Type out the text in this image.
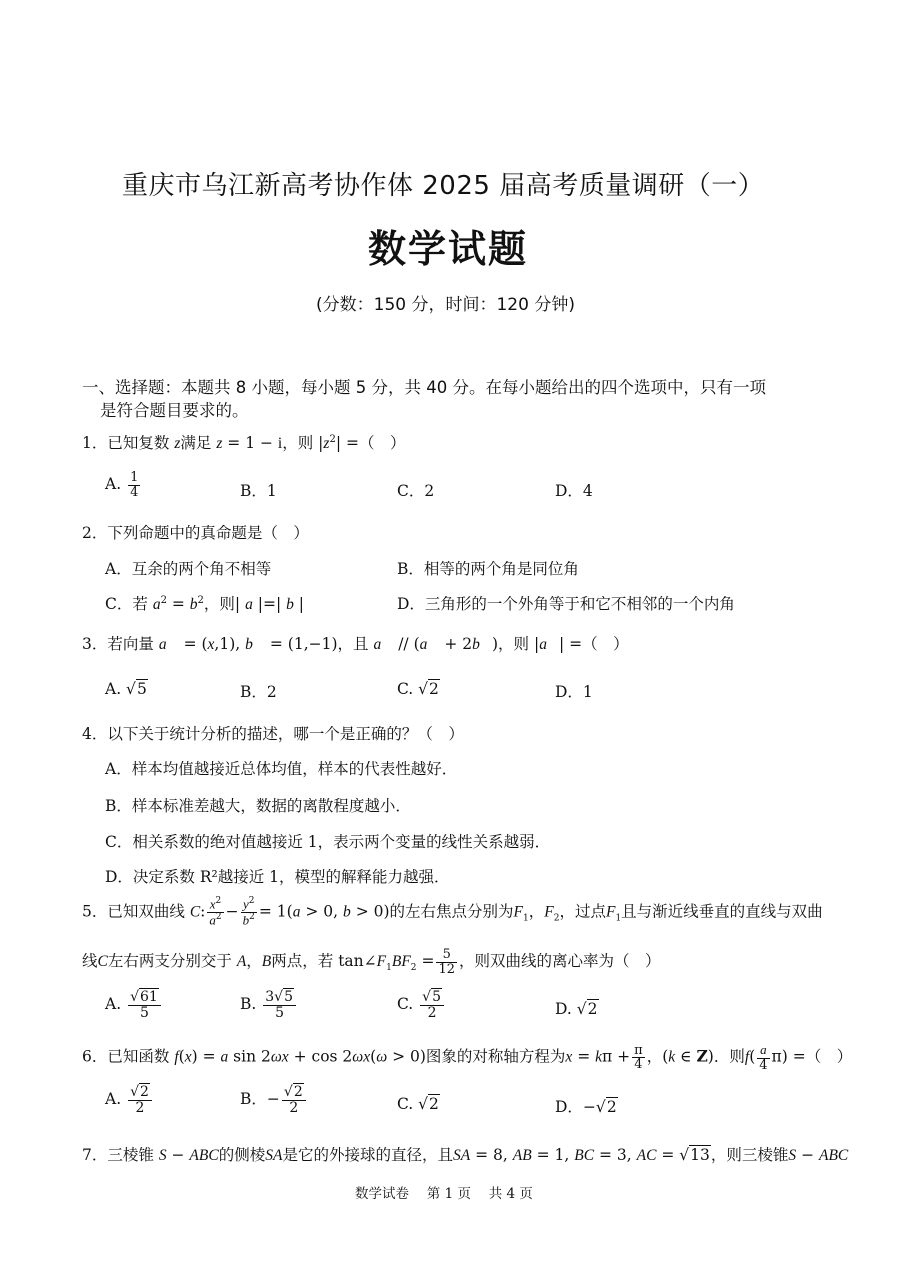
重庆市乌江新高考协作体 2025 届高考质量调研（一）
数学试题
(分数：150 分，时间：120 分钟)
一、选择题：本题共 8 小题，每小题 5 分，共 40 分。在每小题给出的四个选项中，只有一项
是符合题目要求的。
1．已知复数 z满足 z = 1 − i，则 $|z^2|$ =（　）
A. $\frac{1}{4}$	B．1	C．2	D．4
2．下列命题中的真命题是（　）
A．互余的两个角不相等	B．相等的两个角是同位角
C．若 $a^2 = b^2$，则| a |=| b |	D．三角形的一个外角等于和它不相邻的一个内角
3．若向量 a⃗ = (x,1), b⃗ = (1,−1)，且 a⃗ // (a⃗ + 2b⃗)，则 |a⃗| =（　）
A. √5	B．2	C. √2	D．1
4．以下关于统计分析的描述，哪一个是正确的？（　）
A．样本均值越接近总体均值，样本的代表性越好．
B．样本标准差越大，数据的离散程度越小．
C．相关系数的绝对值越接近 1，表示两个变量的线性关系越弱．
D．决定系数 R²越接近 1，模型的解释能力越强．
5．已知双曲线 C: $\frac{x^2}{a^2} - \frac{y^2}{b^2} = 1(a > 0$, b > 0)的左右焦点分别为$F_1$，$F_2$，过点$F_1$且与渐近线垂直的直线与双曲
线C左右两支分别交于 A，B两点，若 $\tan\angle F_1BF_2 = \frac{5}{12}$ ，则双曲线的离心率为（　）
A. $\frac{√61}{5}$	B. $\frac{3√5}{5}$	C. $\frac{√5}{2}$	D. √2
6．已知函数 f(x) = a sin 2ωx + cos 2ωx(ω > 0)图象的对称轴方程为$x = k\pi + \frac{\pi}{4}$ ，(k ∈ Z)．则$f( \frac{a}{4} \pi)$ =（　）
A. $\frac{√2}{2}$	B．− $\frac{√2}{2}$	C. √2	D．−√2
7．三棱锥 S − ABC的侧棱SA是它的外接球的直径，且SA = 8, AB = 1, BC = 3, AC = √13，则三棱锥S − ABC
数学试卷　 第 1 页　 共 4 页
